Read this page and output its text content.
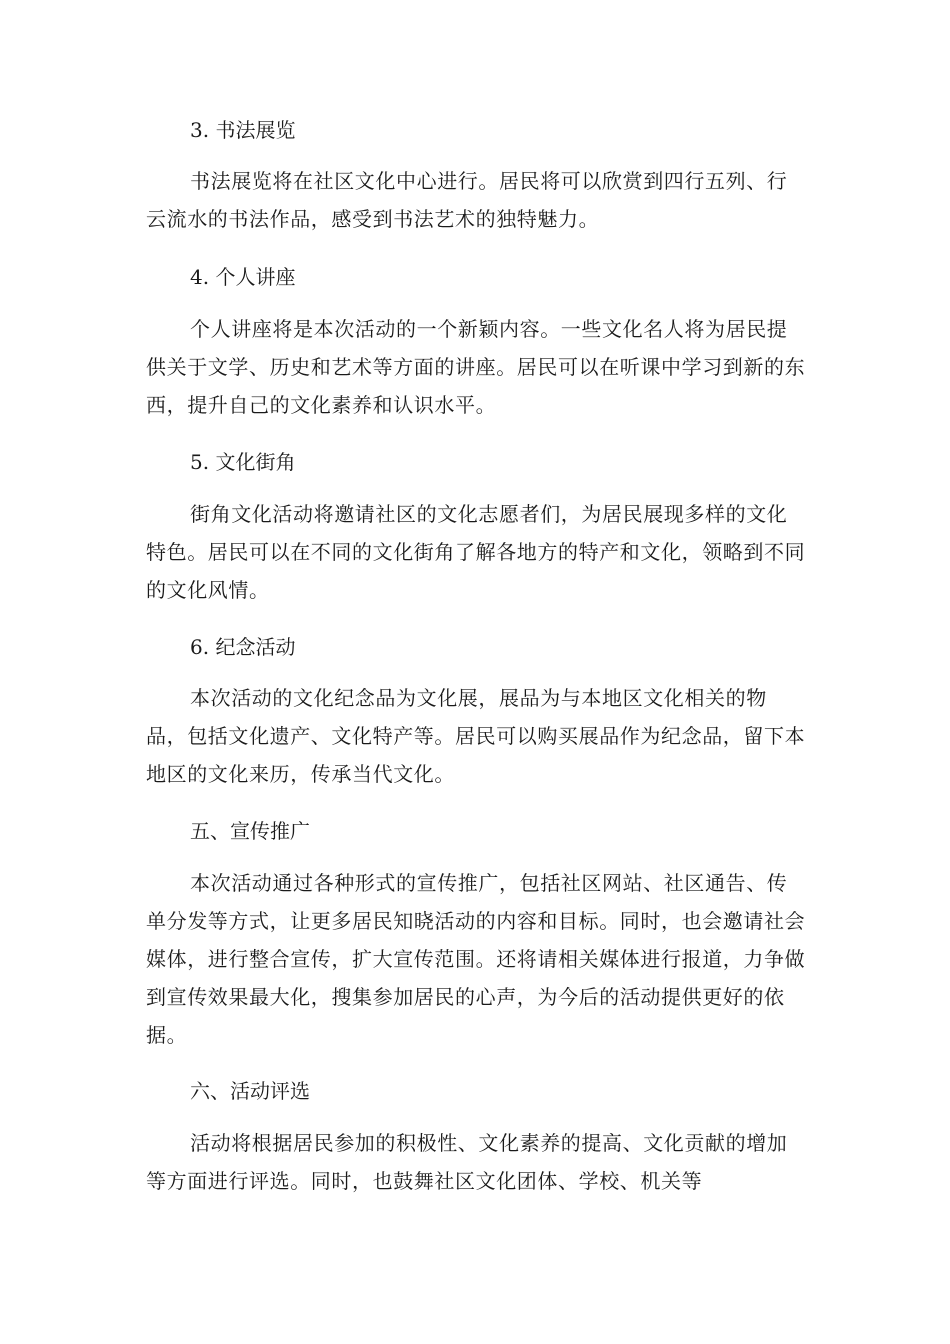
3. 书法展览
书法展览将在社区文化中心进行。居民将可以欣赏到四行五列、行云流水的书法作品，感受到书法艺术的独特魅力。
4. 个人讲座
个人讲座将是本次活动的一个新颖内容。一些文化名人将为居民提供关于文学、历史和艺术等方面的讲座。居民可以在听课中学习到新的东西，提升自己的文化素养和认识水平。
5. 文化街角
街角文化活动将邀请社区的文化志愿者们，为居民展现多样的文化特色。居民可以在不同的文化街角了解各地方的特产和文化，领略到不同的文化风情。
6. 纪念活动
本次活动的文化纪念品为文化展，展品为与本地区文化相关的物品，包括文化遗产、文化特产等。居民可以购买展品作为纪念品，留下本地区的文化来历，传承当代文化。
五、宣传推广
本次活动通过各种形式的宣传推广，包括社区网站、社区通告、传单分发等方式，让更多居民知晓活动的内容和目标。同时，也会邀请社会媒体，进行整合宣传，扩大宣传范围。还将请相关媒体进行报道，力争做到宣传效果最大化，搜集参加居民的心声，为今后的活动提供更好的依据。
六、活动评选
活动将根据居民参加的积极性、文化素养的提高、文化贡献的增加等方面进行评选。同时，也鼓舞社区文化团体、学校、机关等
